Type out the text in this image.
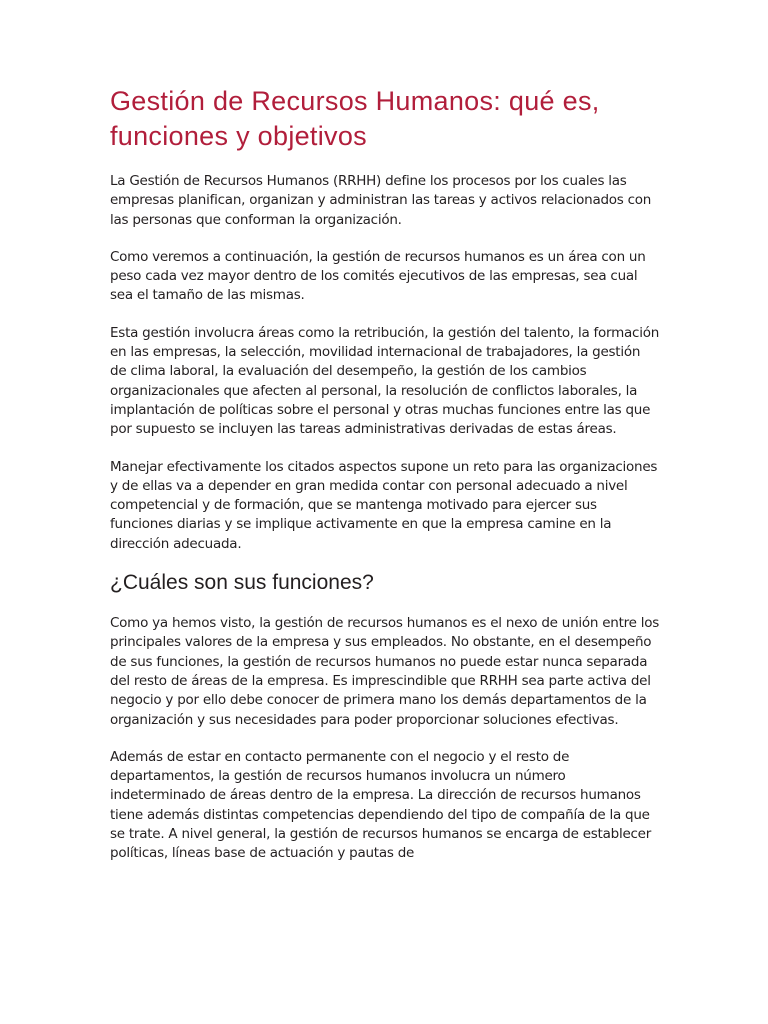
Gestión de Recursos Humanos: qué es, funciones y objetivos

La Gestión de Recursos Humanos (RRHH) define los procesos por los cuales las empresas planifican, organizan y administran las tareas y activos relacionados con las personas que conforman la organización.

Como veremos a continuación, la gestión de recursos humanos es un área con un peso cada vez mayor dentro de los comités ejecutivos de las empresas, sea cual sea el tamaño de las mismas.

Esta gestión involucra áreas como la retribución, la gestión del talento, la formación en las empresas, la selección, movilidad internacional de trabajadores, la gestión de clima laboral, la evaluación del desempeño, la gestión de los cambios organizacionales que afecten al personal, la resolución de conflictos laborales, la implantación de políticas sobre el personal y otras muchas funciones entre las que por supuesto se incluyen las tareas administrativas derivadas de estas áreas.

Manejar efectivamente los citados aspectos supone un reto para las organizaciones y de ellas va a depender en gran medida contar con personal adecuado a nivel competencial y de formación, que se mantenga motivado para ejercer sus funciones diarias y se implique activamente en que la empresa camine en la dirección adecuada.

¿Cuáles son sus funciones?

Como ya hemos visto, la gestión de recursos humanos es el nexo de unión entre los principales valores de la empresa y sus empleados. No obstante, en el desempeño de sus funciones, la gestión de recursos humanos no puede estar nunca separada del resto de áreas de la empresa. Es imprescindible que RRHH sea parte activa del negocio y por ello debe conocer de primera mano los demás departamentos de la organización y sus necesidades para poder proporcionar soluciones efectivas.

Además de estar en contacto permanente con el negocio y el resto de departamentos, la gestión de recursos humanos involucra un número indeterminado de áreas dentro de la empresa. La dirección de recursos humanos tiene además distintas competencias dependiendo del tipo de compañía de la que se trate. A nivel general, la gestión de recursos humanos se encarga de establecer políticas, líneas base de actuación y pautas de
